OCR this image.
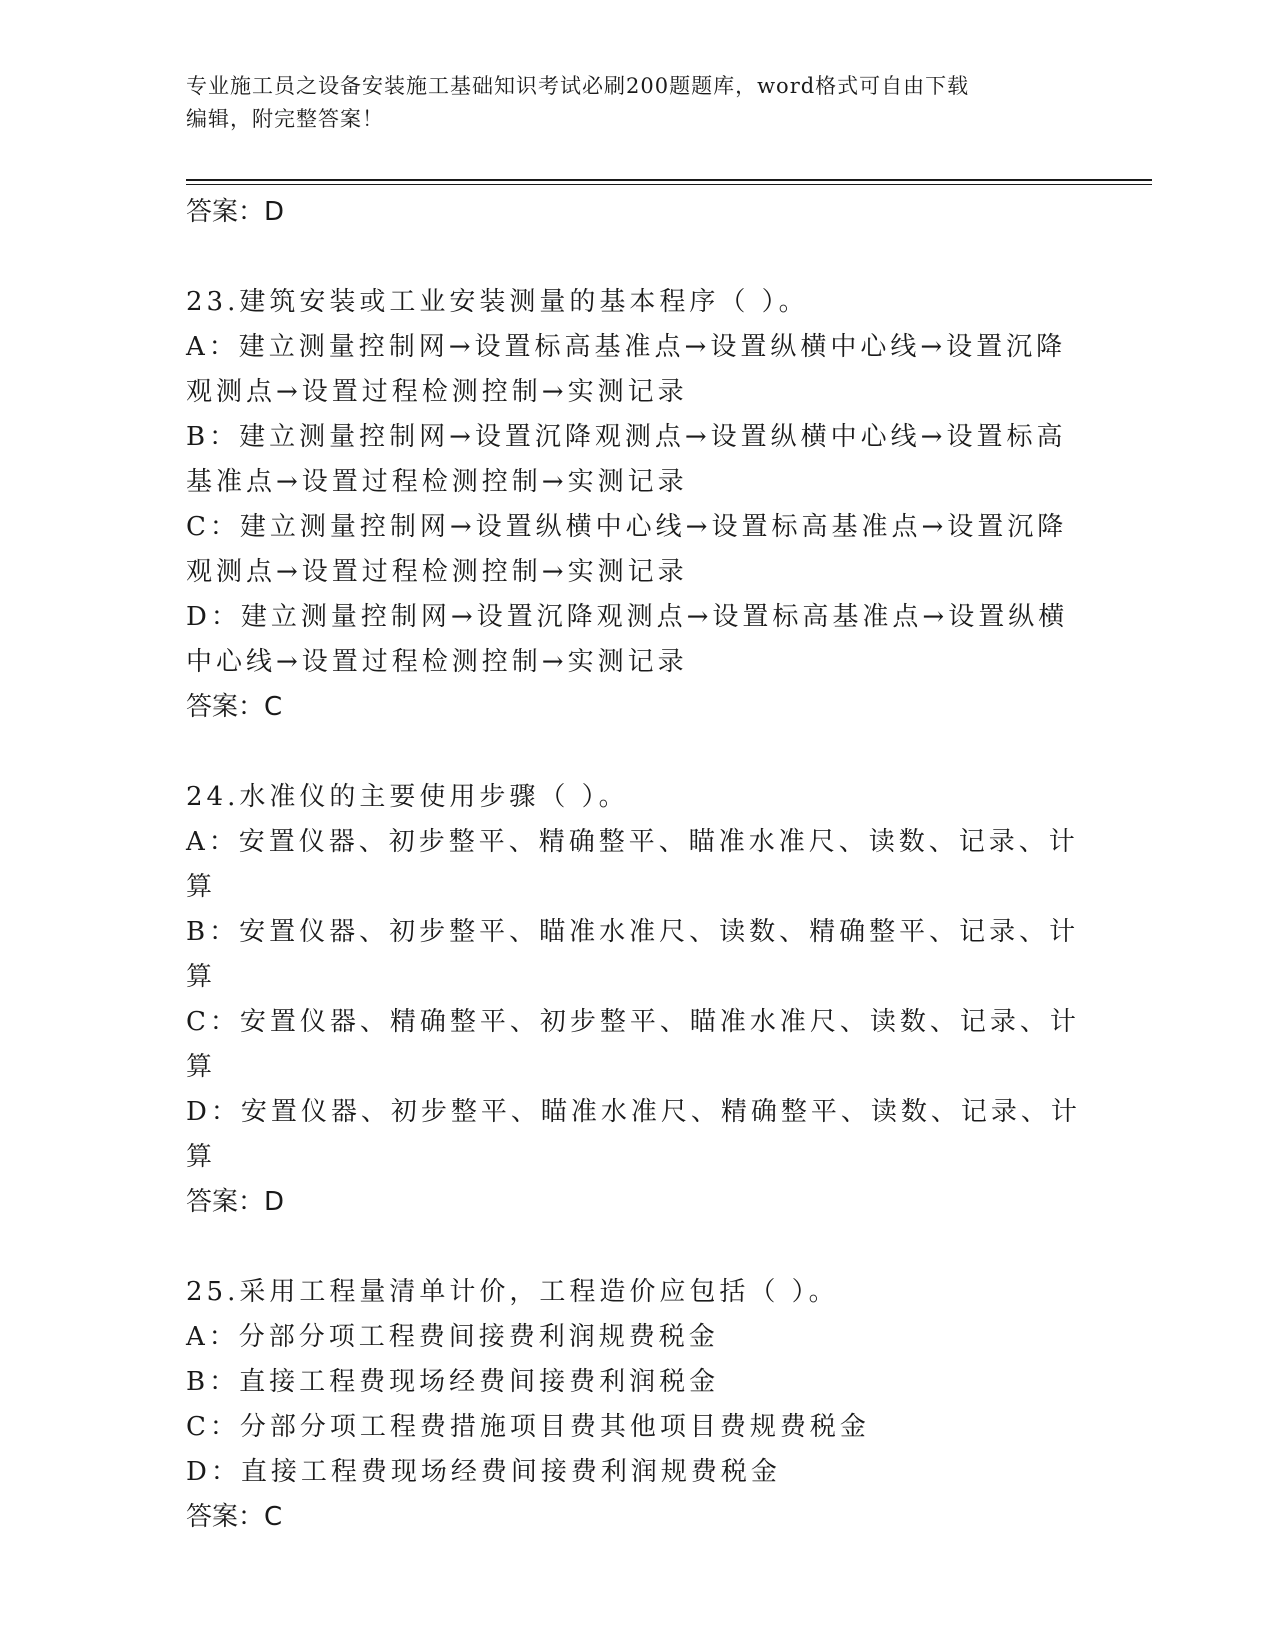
专业施工员之设备安装施工基础知识考试必刷200题题库，word格式可自由下载
编辑，附完整答案！

答案：D

23.建筑安装或工业安装测量的基本程序（ ）。

A：建立测量控制网→设置标高基准点→设置纵横中心线→设置沉降观测点→设置过程检测控制→实测记录

B：建立测量控制网→设置沉降观测点→设置纵横中心线→设置标高基准点→设置过程检测控制→实测记录

C：建立测量控制网→设置纵横中心线→设置标高基准点→设置沉降观测点→设置过程检测控制→实测记录

D：建立测量控制网→设置沉降观测点→设置标高基准点→设置纵横中心线→设置过程检测控制→实测记录

答案：C

24.水准仪的主要使用步骤（ ）。

A：安置仪器、初步整平、精确整平、瞄准水准尺、读数、记录、计算

B：安置仪器、初步整平、瞄准水准尺、读数、精确整平、记录、计算

C：安置仪器、精确整平、初步整平、瞄准水准尺、读数、记录、计算

D：安置仪器、初步整平、瞄准水准尺、精确整平、读数、记录、计算

答案：D

25.采用工程量清单计价，工程造价应包括（ ）。

A：分部分项工程费间接费利润规费税金

B：直接工程费现场经费间接费利润税金

C：分部分项工程费措施项目费其他项目费规费税金

D：直接工程费现场经费间接费利润规费税金

答案：C
